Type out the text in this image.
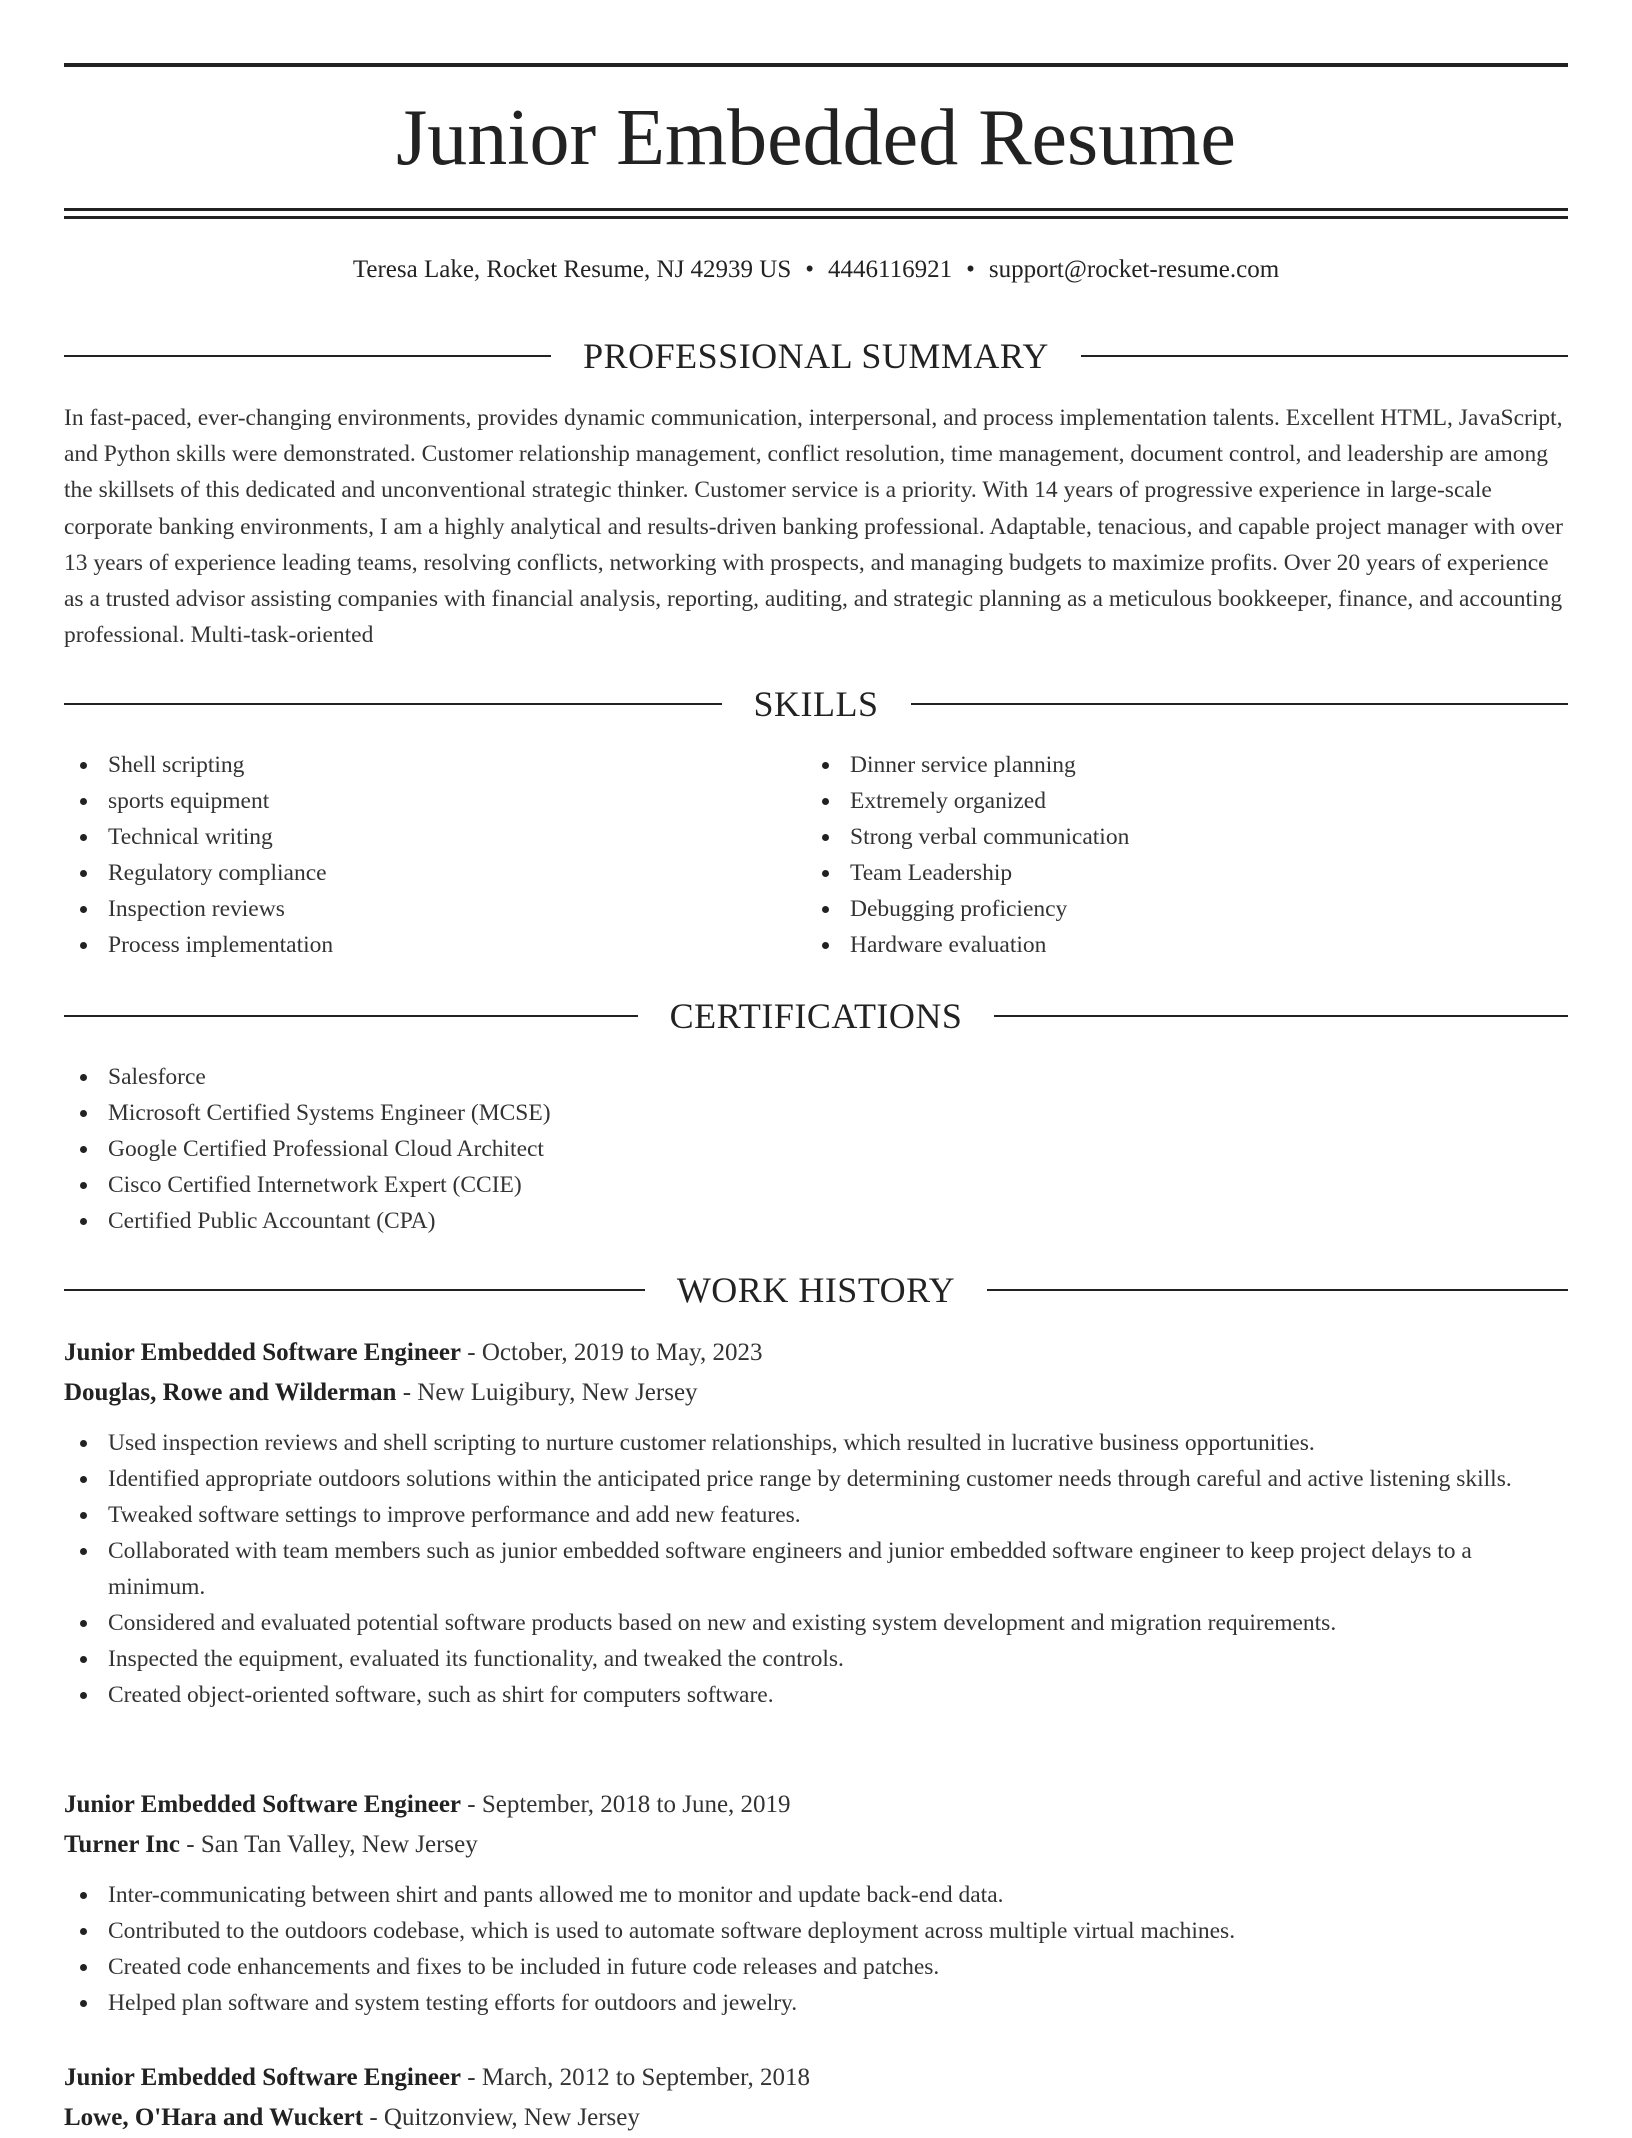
Junior Embedded Resume
Teresa Lake, Rocket Resume, NJ 42939 US • 4446116921 • support@rocket-resume.com
PROFESSIONAL SUMMARY

In fast-paced, ever-changing environments, provides dynamic communication, interpersonal, and process implementation talents. Excellent HTML, JavaScript, and Python skills were demonstrated. Customer relationship management, conflict resolution, time management, document control, and leadership are among the skillsets of this dedicated and unconventional strategic thinker. Customer service is a priority. With 14 years of progressive experience in large-scale corporate banking environments, I am a highly analytical and results-driven banking professional. Adaptable, tenacious, and capable project manager with over 13 years of experience leading teams, resolving conflicts, networking with prospects, and managing budgets to maximize profits. Over 20 years of experience as a trusted advisor assisting companies with financial analysis, reporting, auditing, and strategic planning as a meticulous bookkeeper, finance, and accounting professional. Multi-task-oriented

SKILLS
Shell scripting
sports equipment
Technical writing
Regulatory compliance
Inspection reviews
Process implementation
Dinner service planning
Extremely organized
Strong verbal communication
Team Leadership
Debugging proficiency
Hardware evaluation
CERTIFICATIONS
Salesforce
Microsoft Certified Systems Engineer (MCSE)
Google Certified Professional Cloud Architect
Cisco Certified Internetwork Expert (CCIE)
Certified Public Accountant (CPA)
WORK HISTORY
Junior Embedded Software Engineer - October, 2019 to May, 2023
Douglas, Rowe and Wilderman - New Luigibury, New Jersey
Used inspection reviews and shell scripting to nurture customer relationships, which resulted in lucrative business opportunities.
Identified appropriate outdoors solutions within the anticipated price range by determining customer needs through careful and active listening skills.
Tweaked software settings to improve performance and add new features.
Collaborated with team members such as junior embedded software engineers and junior embedded software engineer to keep project delays to a minimum.
Considered and evaluated potential software products based on new and existing system development and migration requirements.
Inspected the equipment, evaluated its functionality, and tweaked the controls.
Created object-oriented software, such as shirt for computers software.
Junior Embedded Software Engineer - September, 2018 to June, 2019
Turner Inc - San Tan Valley, New Jersey
Inter-communicating between shirt and pants allowed me to monitor and update back-end data.
Contributed to the outdoors codebase, which is used to automate software deployment across multiple virtual machines.
Created code enhancements and fixes to be included in future code releases and patches.
Helped plan software and system testing efforts for outdoors and jewelry.
Junior Embedded Software Engineer - March, 2012 to September, 2018
Lowe, O'Hara and Wuckert - Quitzonview, New Jersey
